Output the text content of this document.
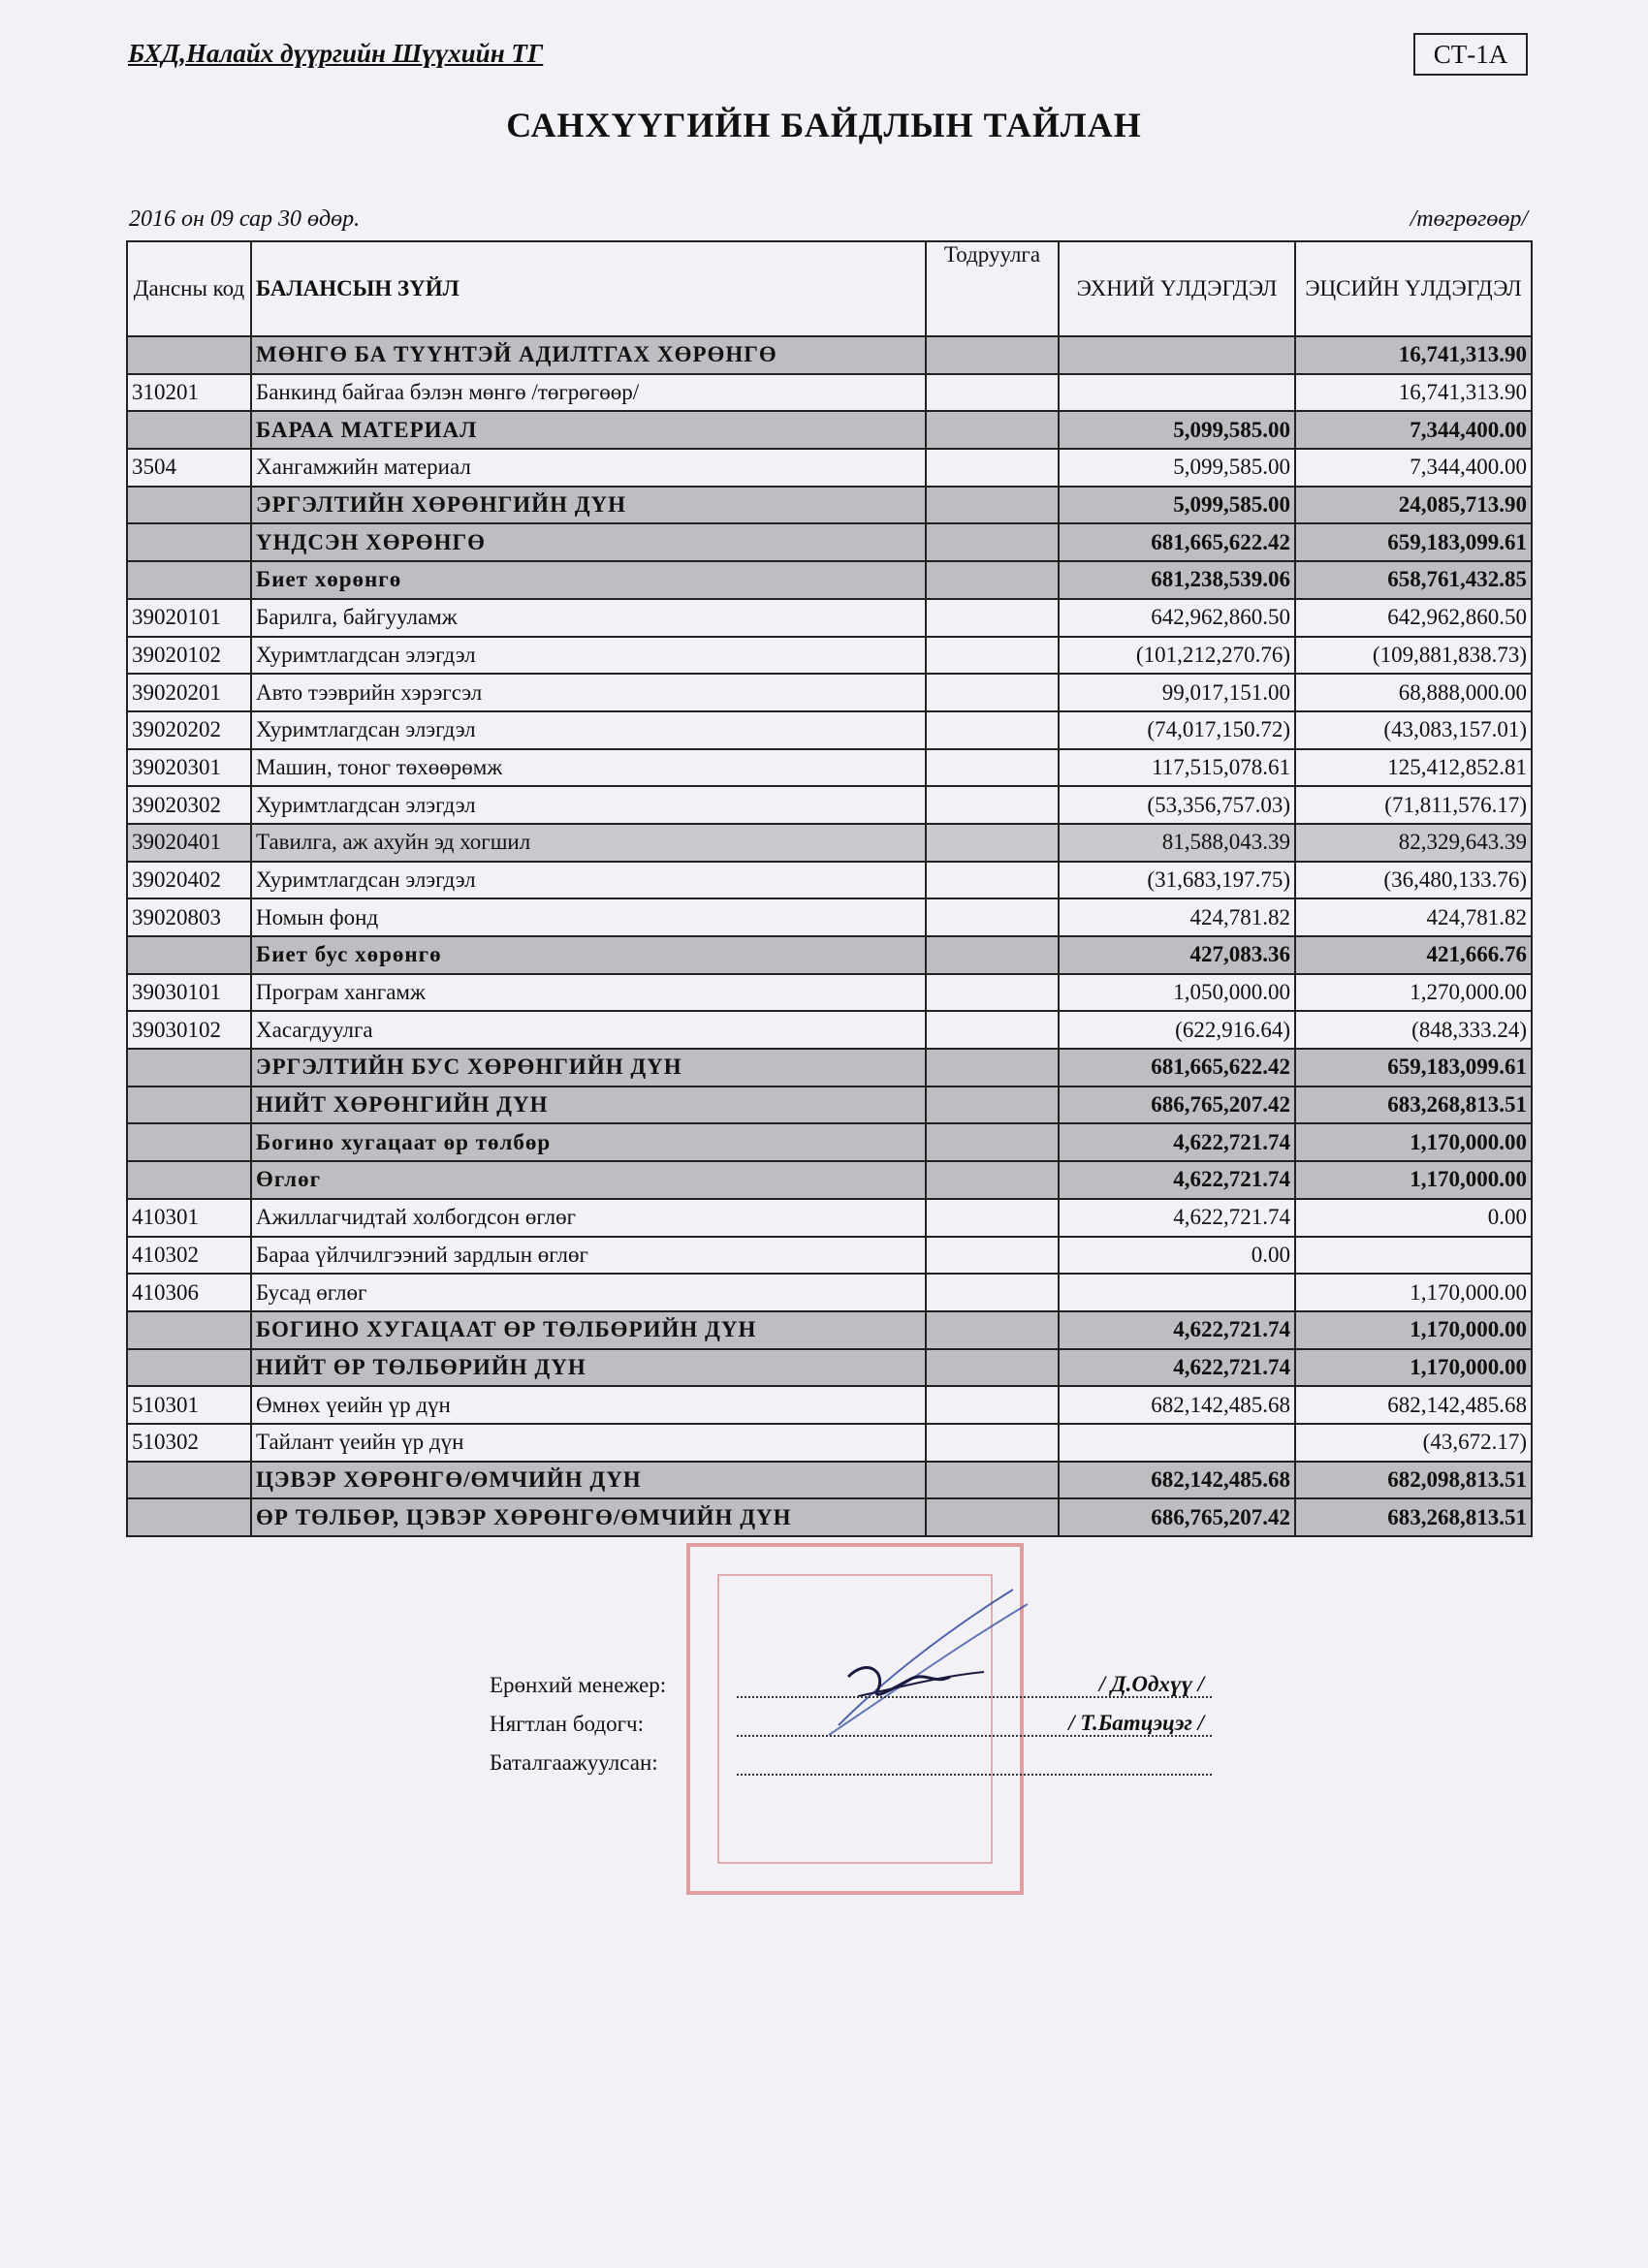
БХД,Налайх дүүргийн Шүүхийн ТГ	СТ-1А
САНХҮҮГИЙН БАЙДЛЫН ТАЙЛАН
2016 он 09 сар 30 өдөр.	/төгрөгөөр/
Дансны код	БАЛАНСЫН ЗҮЙЛ	Тодруулга	ЭХНИЙ ҮЛДЭГДЭЛ	ЭЦСИЙН ҮЛДЭГДЭЛ
	МӨНГӨ БА ТҮҮНТЭЙ АДИЛТГАХ ХӨРӨНГӨ			16,741,313.90
310201	Банкинд байгаа бэлэн мөнгө /төгрөгөөр/			16,741,313.90
	БАРАА МАТЕРИАЛ		5,099,585.00	7,344,400.00
3504	Хангамжийн материал		5,099,585.00	7,344,400.00
	ЭРГЭЛТИЙН ХӨРӨНГИЙН ДҮН		5,099,585.00	24,085,713.90
	ҮНДСЭН ХӨРӨНГӨ		681,665,622.42	659,183,099.61
	Биет хөрөнгө		681,238,539.06	658,761,432.85
39020101	Барилга, байгууламж		642,962,860.50	642,962,860.50
39020102	Хуримтлагдсан элэгдэл		(101,212,270.76)	(109,881,838.73)
39020201	Авто тээврийн хэрэгсэл		99,017,151.00	68,888,000.00
39020202	Хуримтлагдсан элэгдэл		(74,017,150.72)	(43,083,157.01)
39020301	Машин, тоног төхөөрөмж		117,515,078.61	125,412,852.81
39020302	Хуримтлагдсан элэгдэл		(53,356,757.03)	(71,811,576.17)
39020401	Тавилга, аж ахуйн эд хогшил		81,588,043.39	82,329,643.39
39020402	Хуримтлагдсан элэгдэл		(31,683,197.75)	(36,480,133.76)
39020803	Номын фонд		424,781.82	424,781.82
	Биет бус хөрөнгө		427,083.36	421,666.76
39030101	Програм хангамж		1,050,000.00	1,270,000.00
39030102	Хасагдуулга		(622,916.64)	(848,333.24)
	ЭРГЭЛТИЙН БУС ХӨРӨНГИЙН ДҮН		681,665,622.42	659,183,099.61
	НИЙТ ХӨРӨНГИЙН ДҮН		686,765,207.42	683,268,813.51
	Богино хугацаат өр төлбөр		4,622,721.74	1,170,000.00
	Өглөг		4,622,721.74	1,170,000.00
410301	Ажиллагчидтай холбогдсон өглөг		4,622,721.74	0.00
410302	Бараа үйлчилгээний зардлын өглөг		0.00	
410306	Бусад өглөг			1,170,000.00
	БОГИНО ХУГАЦААТ ӨР ТӨЛБӨРИЙН ДҮН		4,622,721.74	1,170,000.00
	НИЙТ ӨР ТӨЛБӨРИЙН ДҮН		4,622,721.74	1,170,000.00
510301	Өмнөх үеийн үр дүн		682,142,485.68	682,142,485.68
510302	Тайлант үеийн үр дүн			(43,672.17)
	ЦЭВЭР ХӨРӨНГӨ/ӨМЧИЙН ДҮН		682,142,485.68	682,098,813.51
	ӨР ТӨЛБӨР, ЦЭВЭР ХӨРӨНГӨ/ӨМЧИЙН ДҮН		686,765,207.42	683,268,813.51
Ерөнхий менежер:	/ Д.Одхүү /
Нягтлан бодогч:	/ Т.Батцэцэг /
Баталгаажуулсан:
